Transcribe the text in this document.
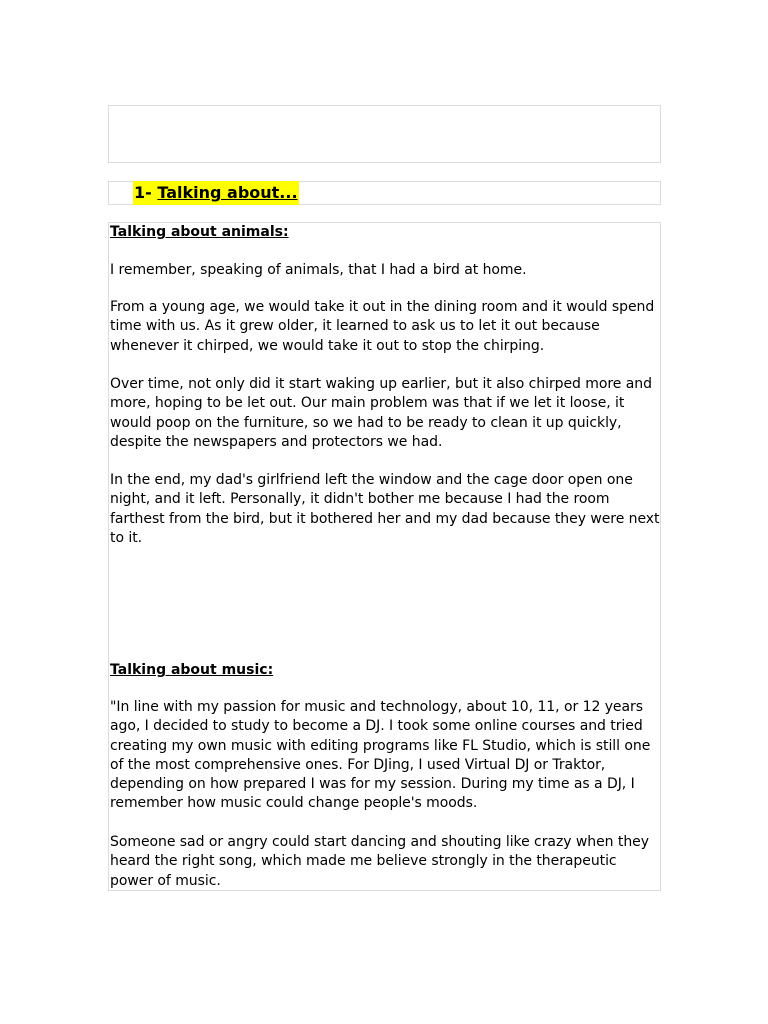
1- Talking about...
Talking about animals:
I remember, speaking of animals, that I had a bird at home.
From a young age, we would take it out in the dining room and it would spend time with us. As it grew older, it learned to ask us to let it out because whenever it chirped, we would take it out to stop the chirping.
Over time, not only did it start waking up earlier, but it also chirped more and more, hoping to be let out. Our main problem was that if we let it loose, it would poop on the furniture, so we had to be ready to clean it up quickly, despite the newspapers and protectors we had.
In the end, my dad's girlfriend left the window and the cage door open one night, and it left. Personally, it didn't bother me because I had the room farthest from the bird, but it bothered her and my dad because they were next to it.
Talking about music:
"In line with my passion for music and technology, about 10, 11, or 12 years ago, I decided to study to become a DJ. I took some online courses and tried creating my own music with editing programs like FL Studio, which is still one of the most comprehensive ones. For DJing, I used Virtual DJ or Traktor, depending on how prepared I was for my session. During my time as a DJ, I remember how music could change people's moods.
Someone sad or angry could start dancing and shouting like crazy when they heard the right song, which made me believe strongly in the therapeutic power of music.
